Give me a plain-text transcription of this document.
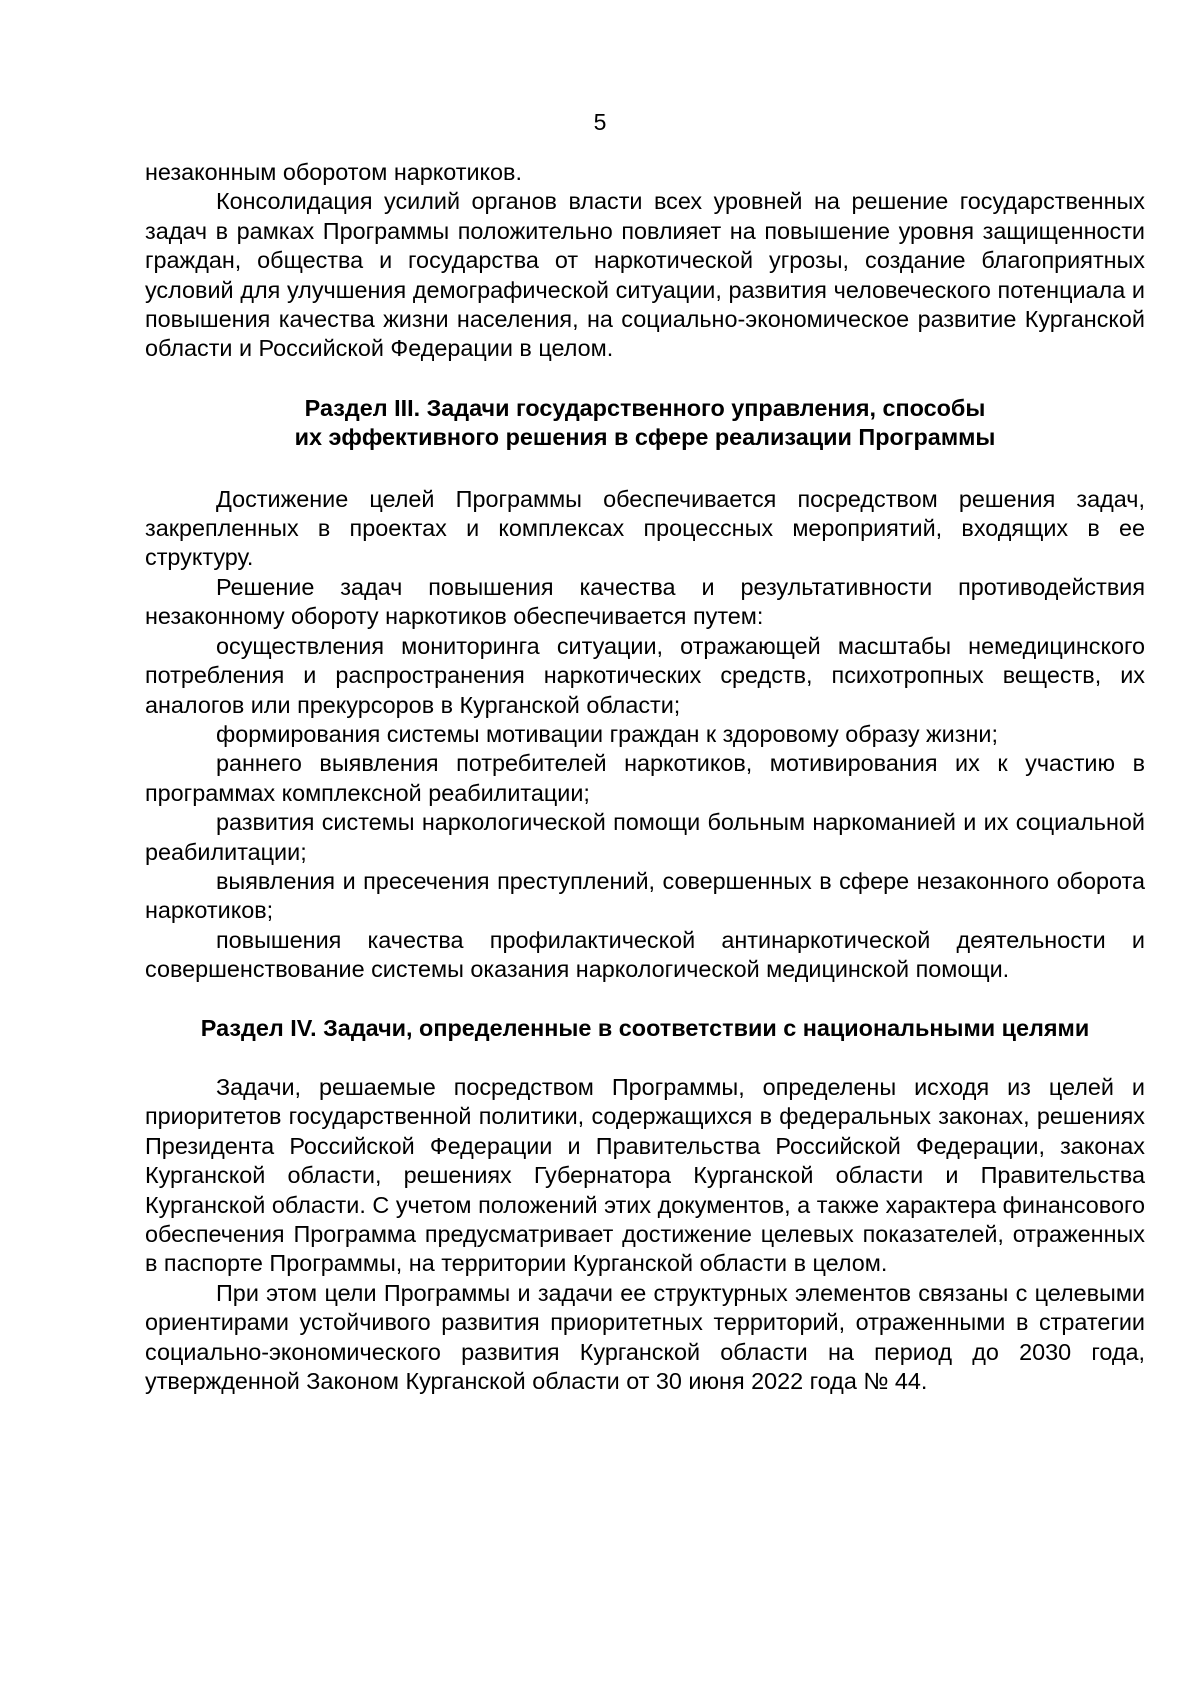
5

незаконным оборотом наркотиков.

Консолидация усилий органов власти всех уровней на решение государственных задач в рамках Программы положительно повлияет на повышение уровня защищенности граждан, общества и государства от наркотической угрозы, создание благоприятных условий для улучшения демографической ситуации, развития человеческого потенциала и повышения качества жизни населения, на социально-экономическое развитие Курганской области и Российской Федерации в целом.

Раздел III. Задачи государственного управления, способы
их эффективного решения в сфере реализации Программы

Достижение целей Программы обеспечивается посредством решения задач, закрепленных в проектах и комплексах процессных мероприятий, входящих в ее структуру.

Решение задач повышения качества и результативности противодействия незаконному обороту наркотиков обеспечивается путем:

осуществления мониторинга ситуации, отражающей масштабы немедицинского потребления и распространения наркотических средств, психотропных веществ, их аналогов или прекурсоров в Курганской области;

формирования системы мотивации граждан к здоровому образу жизни;

раннего выявления потребителей наркотиков, мотивирования их к участию в программах комплексной реабилитации;

развития системы наркологической помощи больным наркоманией и их социальной реабилитации;

выявления и пресечения преступлений, совершенных в сфере незаконного оборота наркотиков;

повышения качества профилактической антинаркотической деятельности и совершенствование системы оказания наркологической медицинской помощи.

Раздел IV. Задачи, определенные в соответствии с национальными целями

Задачи, решаемые посредством Программы, определены исходя из целей и приоритетов государственной политики, содержащихся в федеральных законах, решениях Президента Российской Федерации и Правительства Российской Федерации, законах Курганской области, решениях Губернатора Курганской области и Правительства Курганской области. С учетом положений этих документов, а также характера финансового обеспечения Программа предусматривает достижение целевых показателей, отраженных в паспорте Программы, на территории Курганской области в целом.

При этом цели Программы и задачи ее структурных элементов связаны с целевыми ориентирами устойчивого развития приоритетных территорий, отраженными в стратегии социально-экономического развития Курганской области на период до 2030 года, утвержденной Законом Курганской области от 30 июня 2022 года № 44.
